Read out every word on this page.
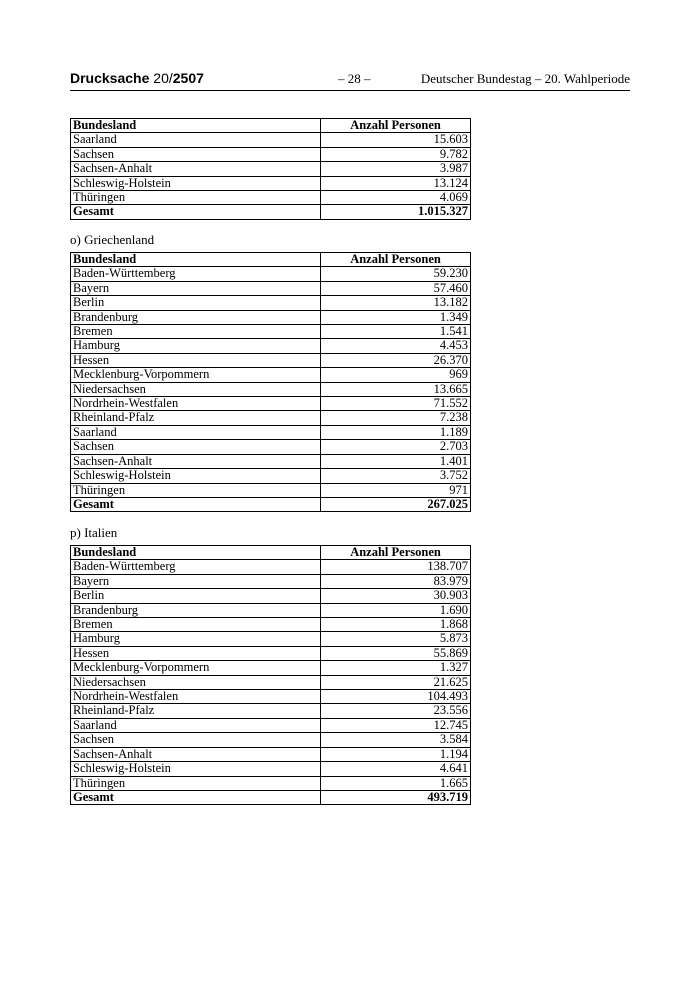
Drucksache 20/2507	– 28 –	Deutscher Bundestag – 20. Wahlperiode
Bundesland	Anzahl Personen
Saarland	15.603
Sachsen	9.782
Sachsen-Anhalt	3.987
Schleswig-Holstein	13.124
Thüringen	4.069
Gesamt	1.015.327
o) Griechenland
Bundesland	Anzahl Personen
Baden-Württemberg	59.230
Bayern	57.460
Berlin	13.182
Brandenburg	1.349
Bremen	1.541
Hamburg	4.453
Hessen	26.370
Mecklenburg-Vorpommern	969
Niedersachsen	13.665
Nordrhein-Westfalen	71.552
Rheinland-Pfalz	7.238
Saarland	1.189
Sachsen	2.703
Sachsen-Anhalt	1.401
Schleswig-Holstein	3.752
Thüringen	971
Gesamt	267.025
p) Italien
Bundesland	Anzahl Personen
Baden-Württemberg	138.707
Bayern	83.979
Berlin	30.903
Brandenburg	1.690
Bremen	1.868
Hamburg	5.873
Hessen	55.869
Mecklenburg-Vorpommern	1.327
Niedersachsen	21.625
Nordrhein-Westfalen	104.493
Rheinland-Pfalz	23.556
Saarland	12.745
Sachsen	3.584
Sachsen-Anhalt	1.194
Schleswig-Holstein	4.641
Thüringen	1.665
Gesamt	493.719
